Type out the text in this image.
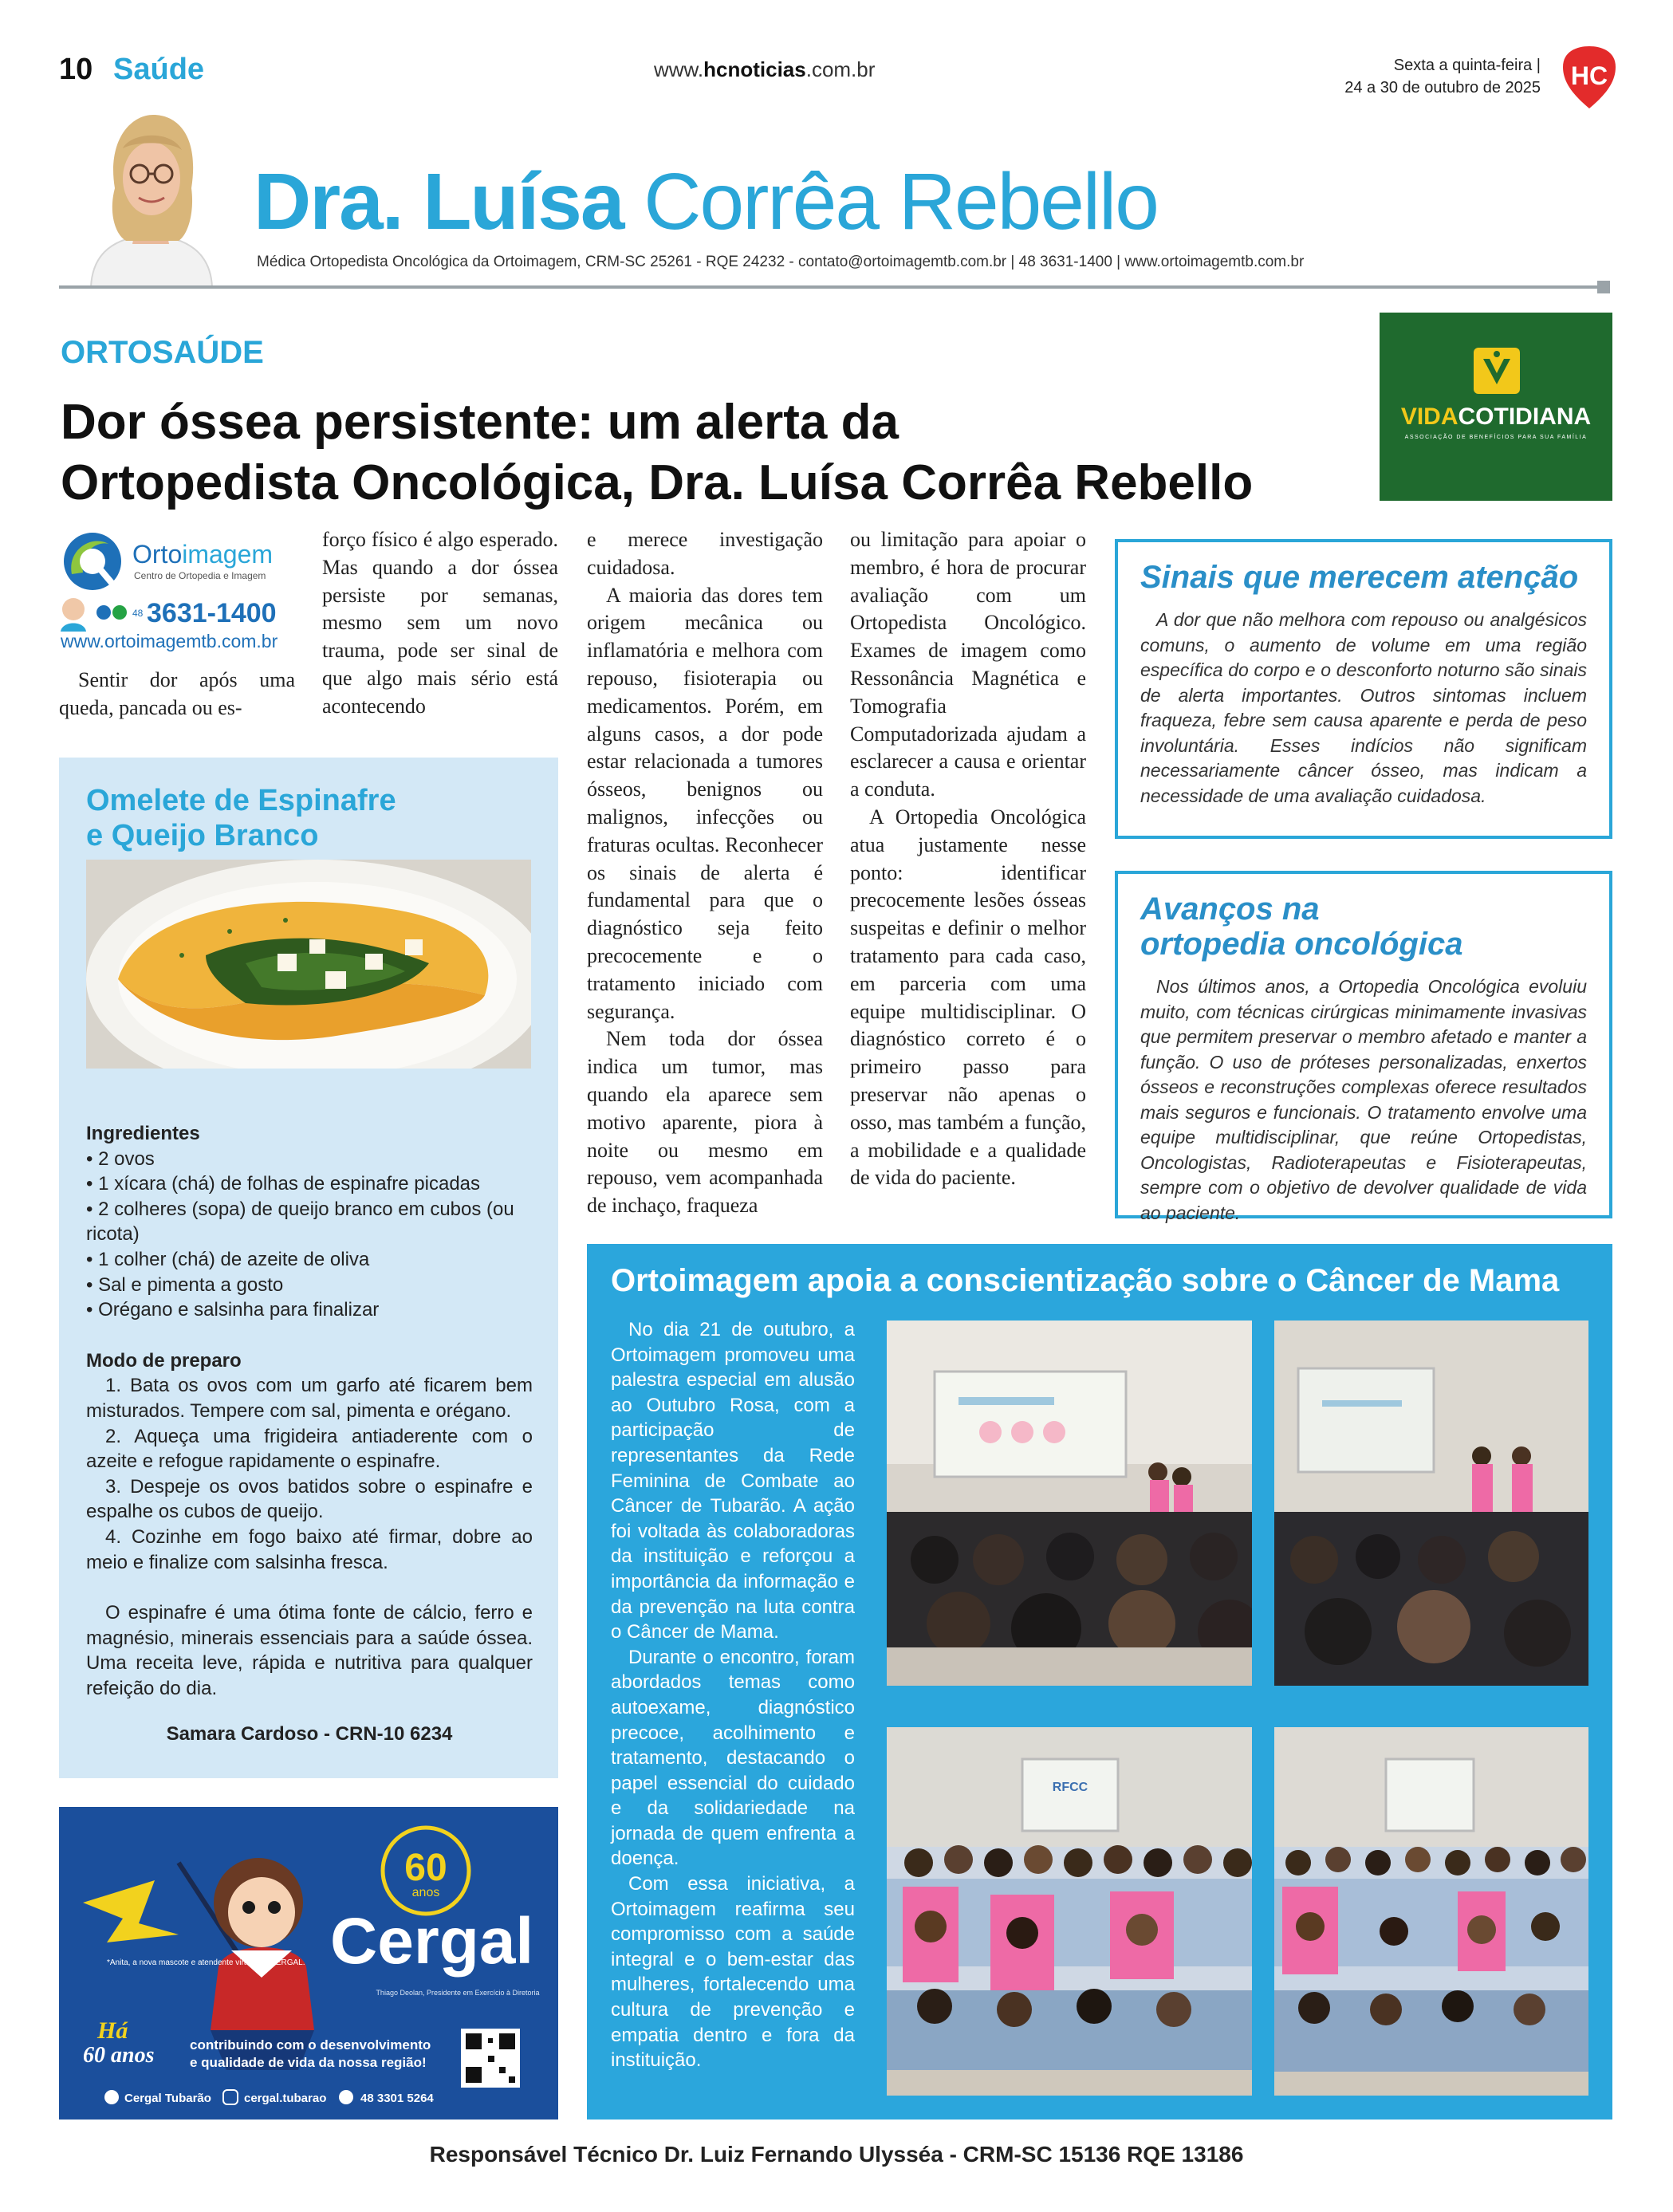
10 Saúde	www.hcnoticias.com.br	Sexta a quinta-feira |
24 a 30 de outubro de 2025 HC
Dra. Luísa Corrêa Rebello
Médica Ortopedista Oncológica da Ortoimagem, CRM-SC 25261 - RQE 24232 - contato@ortoimagemtb.com.br | 48 3631-1400 | www.ortoimagemtb.com.br
ORTOSAÚDE
Dor óssea persistente: um alerta da
Ortopedista Oncológica, Dra. Luísa Corrêa Rebello
VIDACOTIDIANA
ASSOCIAÇÃO DE BENEFÍCIOS PARA SUA FAMÍLIA
Ortoimagem
Centro de Ortopedia e Imagem
48 3631-1400
www.ortoimagemtb.com.br

Sentir dor após uma queda, pancada ou es-

forço físico é algo esperado. Mas quando a dor óssea persiste por semanas, mesmo sem um novo trauma, pode ser sinal de que algo mais sério está acontecendo

e merece investigação cuidadosa.

A maioria das dores tem origem mecânica ou inflamatória e melhora com repouso, fisioterapia ou medicamentos. Porém, em alguns casos, a dor pode estar relacionada a tumores ósseos, benignos ou malignos, infecções ou fraturas ocultas. Reconhecer os sinais de alerta é fundamental para que o diagnóstico seja feito precocemente e o tratamento iniciado com segurança.

Nem toda dor óssea indica um tumor, mas quando ela aparece sem motivo aparente, piora à noite ou mesmo em repouso, vem acompanhada de inchaço, fraqueza

ou limitação para apoiar o membro, é hora de procurar avaliação com um Ortopedista Oncológico. Exames de imagem como Ressonância Magnética e Tomografia Computadorizada ajudam a esclarecer a causa e orientar a conduta.

A Ortopedia Oncológica atua justamente nesse ponto: identificar precocemente lesões ósseas suspeitas e definir o melhor tratamento para cada caso, em parceria com uma equipe multidisciplinar. O diagnóstico correto é o primeiro passo para preservar não apenas o osso, mas também a função, a mobilidade e a qualidade de vida do paciente.

Sinais que merecem atenção

A dor que não melhora com repouso ou analgésicos comuns, o aumento de volume em uma região específica do corpo e o desconforto noturno são sinais de alerta importantes. Outros sintomas incluem fraqueza, febre sem causa aparente e perda de peso involuntária. Esses indícios não significam necessariamente câncer ósseo, mas indicam a necessidade de uma avaliação cuidadosa.

Avanços na
ortopedia oncológica

Nos últimos anos, a Ortopedia Oncológica evoluiu muito, com técnicas cirúrgicas minimamente invasivas que permitem preservar o membro afetado e manter a função. O uso de próteses personalizadas, enxertos ósseos e reconstruções complexas oferece resultados mais seguros e funcionais. O tratamento envolve uma equipe multidisciplinar, que reúne Ortopedistas, Oncologistas, Radioterapeutas e Fisioterapeutas, sempre com o objetivo de devolver qualidade de vida ao paciente.

Omelete de Espinafre
e Queijo Branco
Ingredientes
• 2 ovos
• 1 xícara (chá) de folhas de espinafre picadas
• 2 colheres (sopa) de queijo branco em cubos (ou ricota)
• 1 colher (chá) de azeite de oliva
• Sal e pimenta a gosto
• Orégano e salsinha para finalizar
Modo de preparo
1. Bata os ovos com um garfo até ficarem bem misturados. Tempere com sal, pimenta e orégano.
2. Aqueça uma frigideira antiaderente com o azeite e refogue rapidamente o espinafre.
3. Despeje os ovos batidos sobre o espinafre e espalhe os cubos de queijo.
4. Cozinhe em fogo baixo até firmar, dobre ao meio e finalize com salsinha fresca.

O espinafre é uma ótima fonte de cálcio, ferro e magnésio, minerais essenciais para a saúde óssea. Uma receita leve, rápida e nutritiva para qualquer refeição do dia.

Samara Cardoso - CRN-10 6234

*Anita, a nova mascote e atendente virtual da CERGAL.
60
anos
Cergal
Thiago Deolan, Presidente em Exercício à Diretoria
Há
60 anos	contribuindo com o desenvolvimento
e qualidade de vida da nossa região!
Cergal Tubarão	cergal.tubarao	48 3301 5264
Ortoimagem apoia a conscientização sobre o Câncer de Mama

No dia 21 de outubro, a Ortoimagem promoveu uma palestra especial em alusão ao Outubro Rosa, com a participação de representantes da Rede Feminina de Combate ao Câncer de Tubarão. A ação foi voltada às colaboradoras da instituição e reforçou a importância da informação e da prevenção na luta contra o Câncer de Mama.

Durante o encontro, foram abordados temas como autoexame, diagnóstico precoce, acolhimento e tratamento, destacando o papel essencial do cuidado e da solidariedade na jornada de quem enfrenta a doença.

Com essa iniciativa, a Ortoimagem reafirma seu compromisso com a saúde integral e o bem-estar das mulheres, fortalecendo uma cultura de prevenção e empatia dentro e fora da instituição.

RFCC
Responsável Técnico Dr. Luiz Fernando Ulysséa - CRM-SC 15136 RQE 13186
